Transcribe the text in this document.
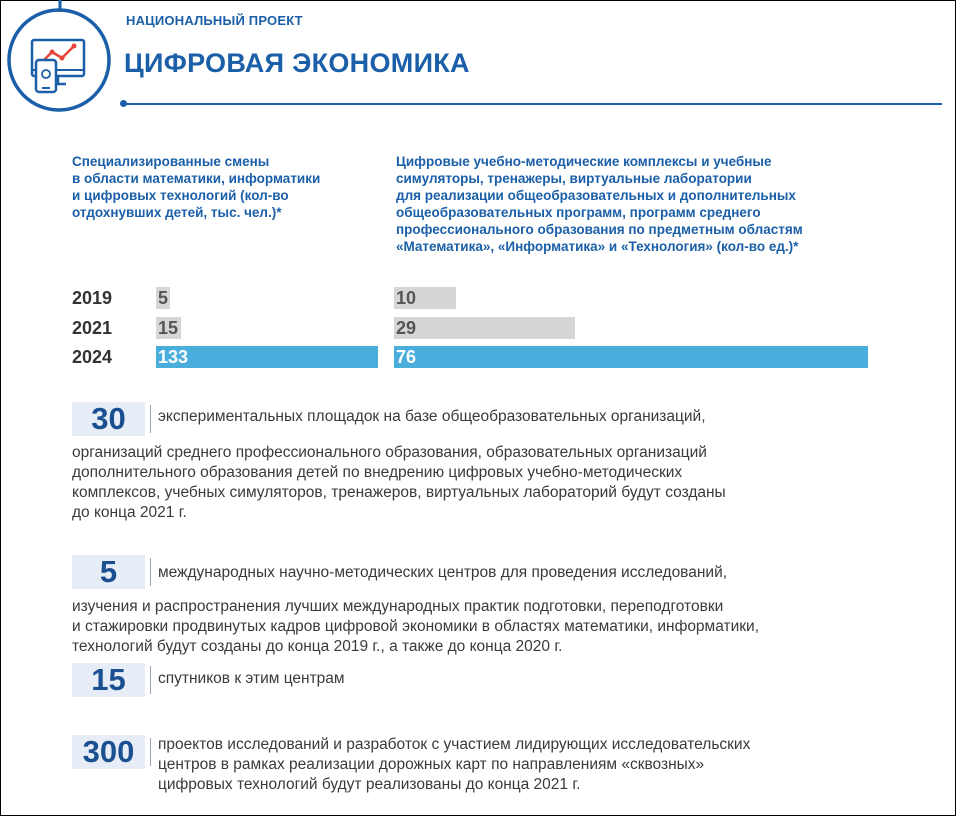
НАЦИОНАЛЬНЫЙ ПРОЕКТ
ЦИФРОВАЯ ЭКОНОМИКА
Специализированные смены
в области математики, информатики
и цифровых технологий (кол-во
отдохнувших детей, тыс. чел.)*
Цифровые учебно-методические комплексы и учебные
симуляторы, тренажеры, виртуальные лаборатории
для реализации общеобразовательных и дополнительных
общеобразовательных программ, программ среднего
профессионального образования по предметным областям
«Математика», «Информатика» и «Технология» (кол-во ед.)*
2019	5	10
2021	15	29
2024	133	76
30	экспериментальных площадок на базе общеобразовательных организаций,
организаций среднего профессионального образования, образовательных организаций
дополнительного образования детей по внедрению цифровых учебно-методических
комплексов, учебных симуляторов, тренажеров, виртуальных лабораторий будут созданы
до конца 2021 г.
5	международных научно-методических центров для проведения исследований,
изучения и распространения лучших международных практик подготовки, переподготовки
и стажировки продвинутых кадров цифровой экономики в областях математики, информатики,
технологий будут созданы до конца 2019 г., а также до конца 2020 г.
15	спутников к этим центрам
300	проектов исследований и разработок с участием лидирующих исследовательских
центров в рамках реализации дорожных карт по направлениям «сквозных»
цифровых технологий будут реализованы до конца 2021 г.
